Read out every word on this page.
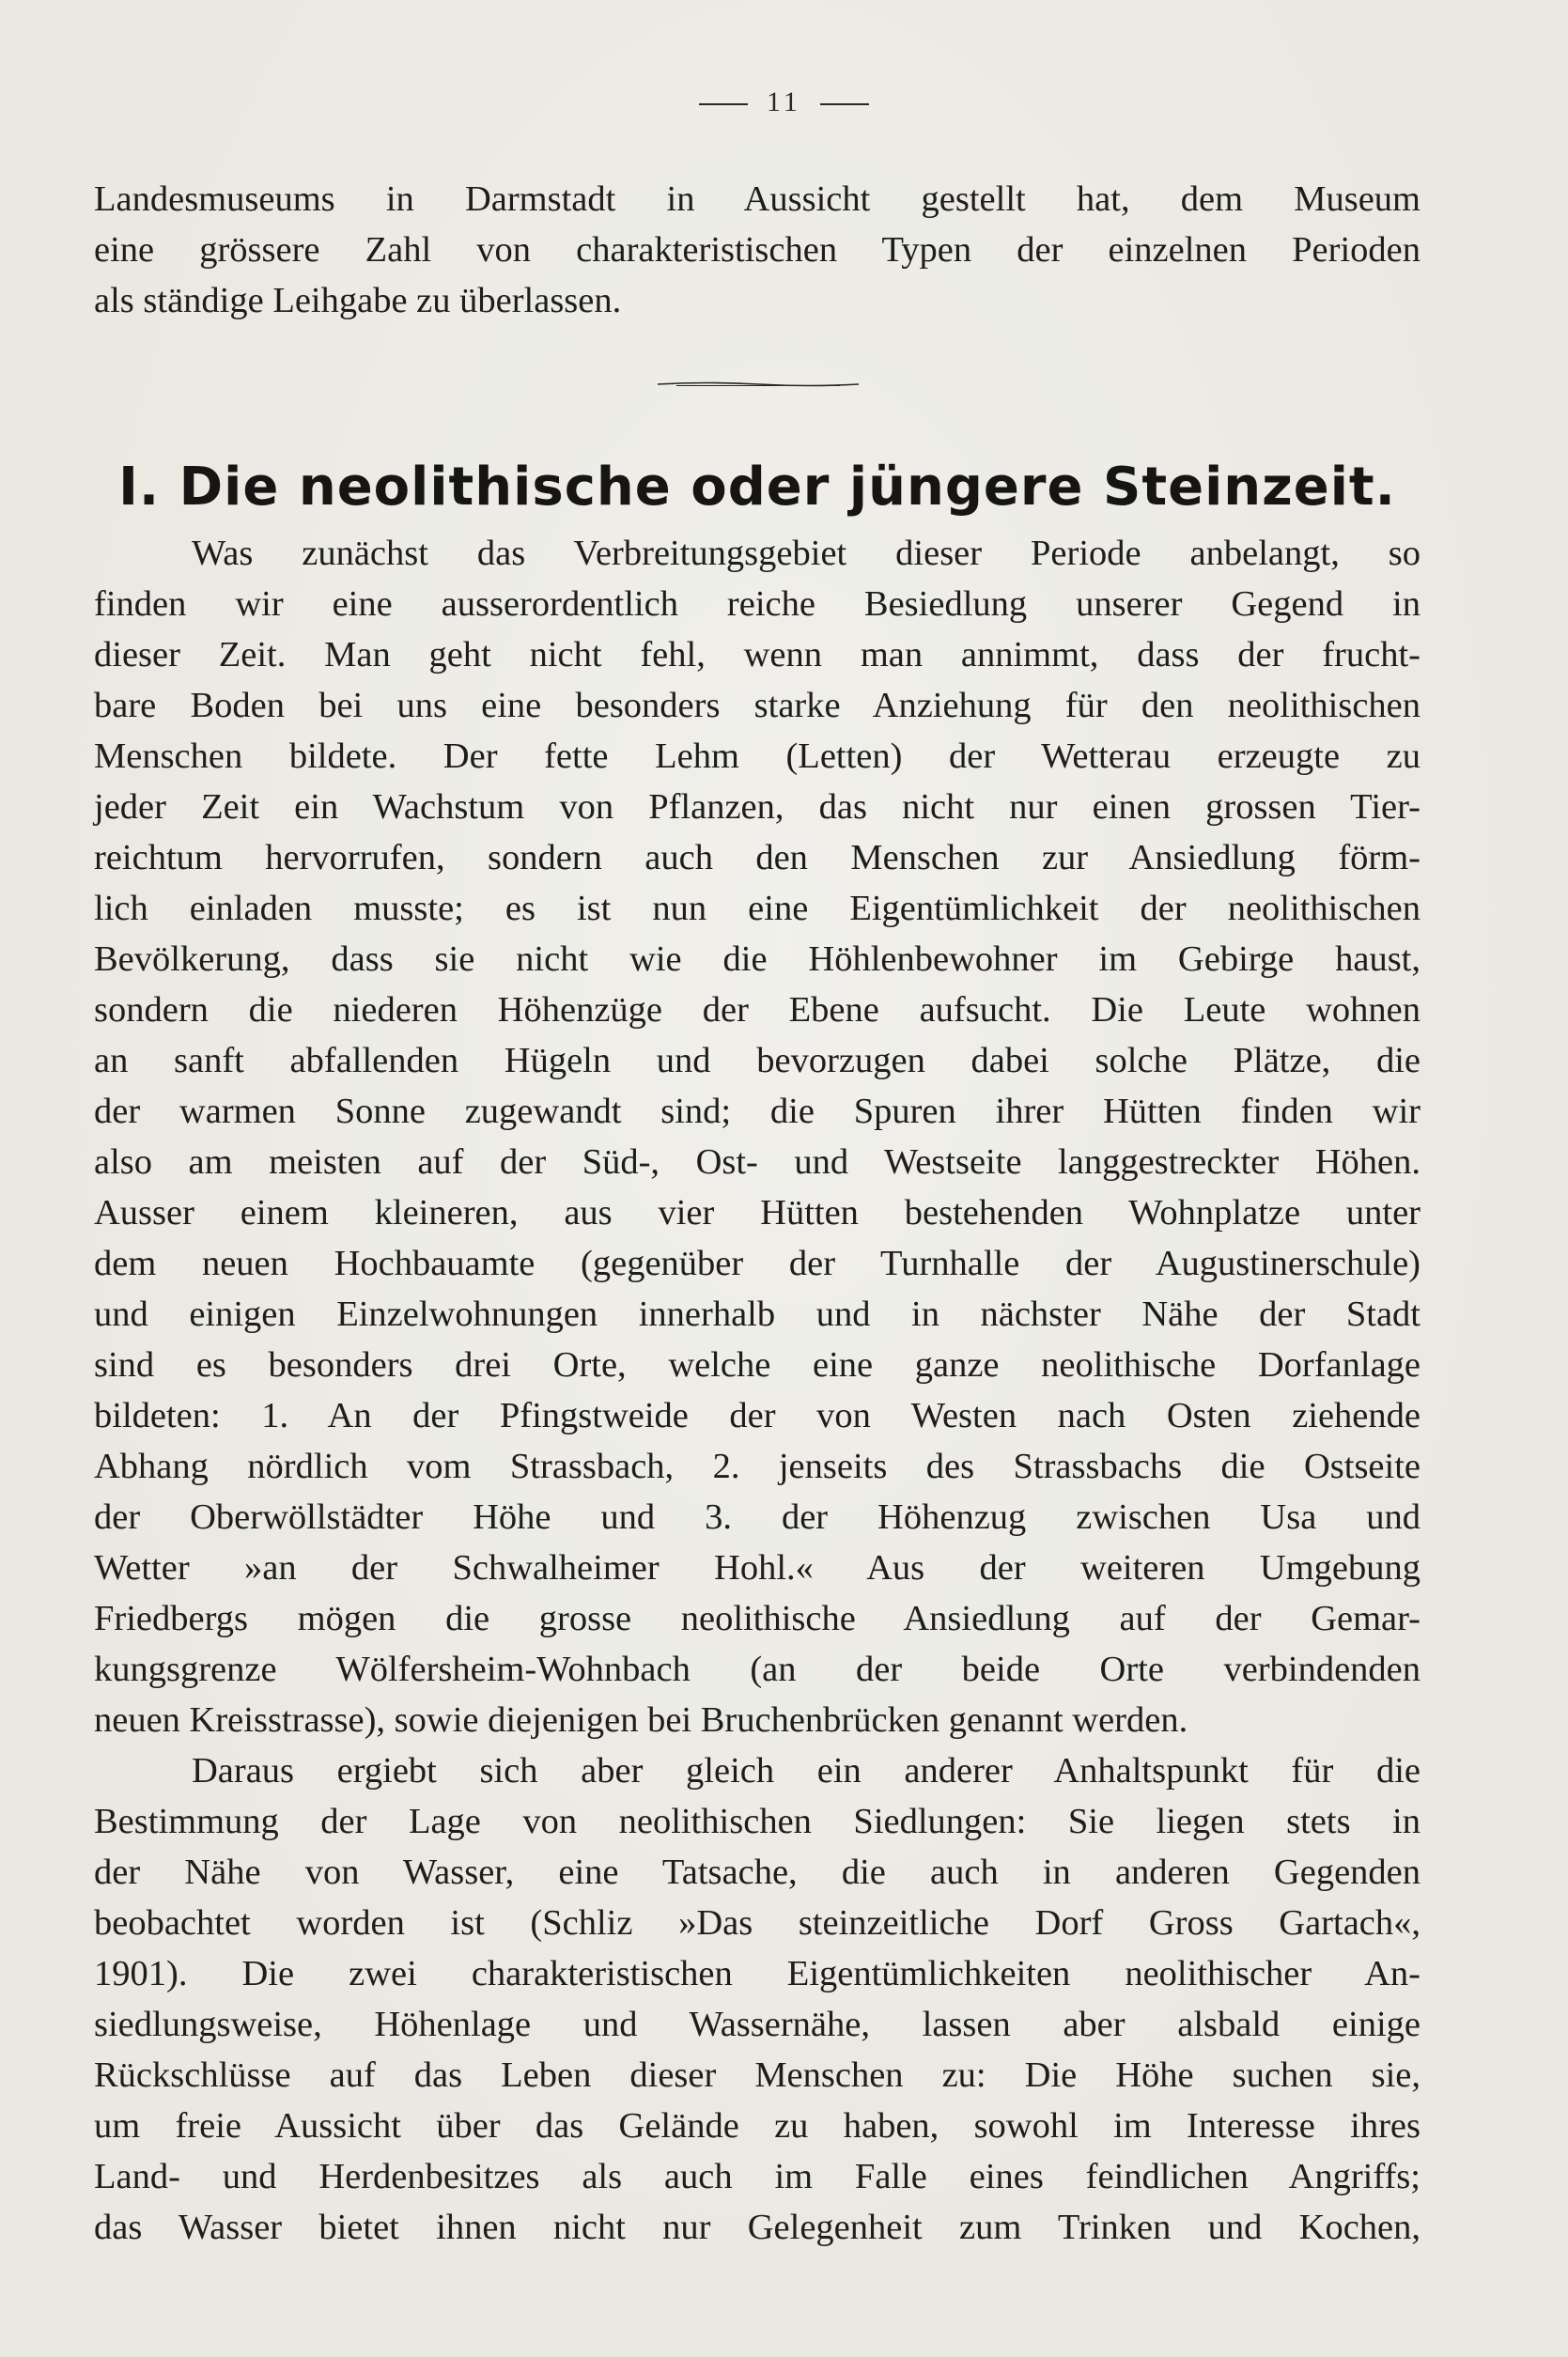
11
Landesmuseums in Darmstadt in Aussicht gestellt hat, dem Museum
eine grössere Zahl von charakteristischen Typen der einzelnen Perioden
als ständige Leihgabe zu überlassen.
I. Die neolithische oder jüngere Steinzeit.
Was zunächst das Verbreitungsgebiet dieser Periode anbelangt, so
finden wir eine ausserordentlich reiche Besiedlung unserer Gegend in
dieser Zeit. Man geht nicht fehl, wenn man annimmt, dass der frucht-
bare Boden bei uns eine besonders starke Anziehung für den neolithischen
Menschen bildete. Der fette Lehm (Letten) der Wetterau erzeugte zu
jeder Zeit ein Wachstum von Pflanzen, das nicht nur einen grossen Tier-
reichtum hervorrufen, sondern auch den Menschen zur Ansiedlung förm-
lich einladen musste; es ist nun eine Eigentümlichkeit der neolithischen
Bevölkerung, dass sie nicht wie die Höhlenbewohner im Gebirge haust,
sondern die niederen Höhenzüge der Ebene aufsucht. Die Leute wohnen
an sanft abfallenden Hügeln und bevorzugen dabei solche Plätze, die
der warmen Sonne zugewandt sind; die Spuren ihrer Hütten finden wir
also am meisten auf der Süd-, Ost- und Westseite langgestreckter Höhen.
Ausser einem kleineren, aus vier Hütten bestehenden Wohnplatze unter
dem neuen Hochbauamte (gegenüber der Turnhalle der Augustinerschule)
und einigen Einzelwohnungen innerhalb und in nächster Nähe der Stadt
sind es besonders drei Orte, welche eine ganze neolithische Dorfanlage
bildeten: 1. An der Pfingstweide der von Westen nach Osten ziehende
Abhang nördlich vom Strassbach, 2. jenseits des Strassbachs die Ostseite
der Oberwöllstädter Höhe und 3. der Höhenzug zwischen Usa und
Wetter »an der Schwalheimer Hohl.« Aus der weiteren Umgebung
Friedbergs mögen die grosse neolithische Ansiedlung auf der Gemar-
kungsgrenze Wölfersheim-Wohnbach (an der beide Orte verbindenden
neuen Kreisstrasse), sowie diejenigen bei Bruchenbrücken genannt werden.
Daraus ergiebt sich aber gleich ein anderer Anhaltspunkt für die
Bestimmung der Lage von neolithischen Siedlungen: Sie liegen stets in
der Nähe von Wasser, eine Tatsache, die auch in anderen Gegenden
beobachtet worden ist (Schliz »Das steinzeitliche Dorf Gross Gartach«,
1901). Die zwei charakteristischen Eigentümlichkeiten neolithischer An-
siedlungsweise, Höhenlage und Wassernähe, lassen aber alsbald einige
Rückschlüsse auf das Leben dieser Menschen zu: Die Höhe suchen sie,
um freie Aussicht über das Gelände zu haben, sowohl im Interesse ihres
Land- und Herdenbesitzes als auch im Falle eines feindlichen Angriffs;
das Wasser bietet ihnen nicht nur Gelegenheit zum Trinken und Kochen,
